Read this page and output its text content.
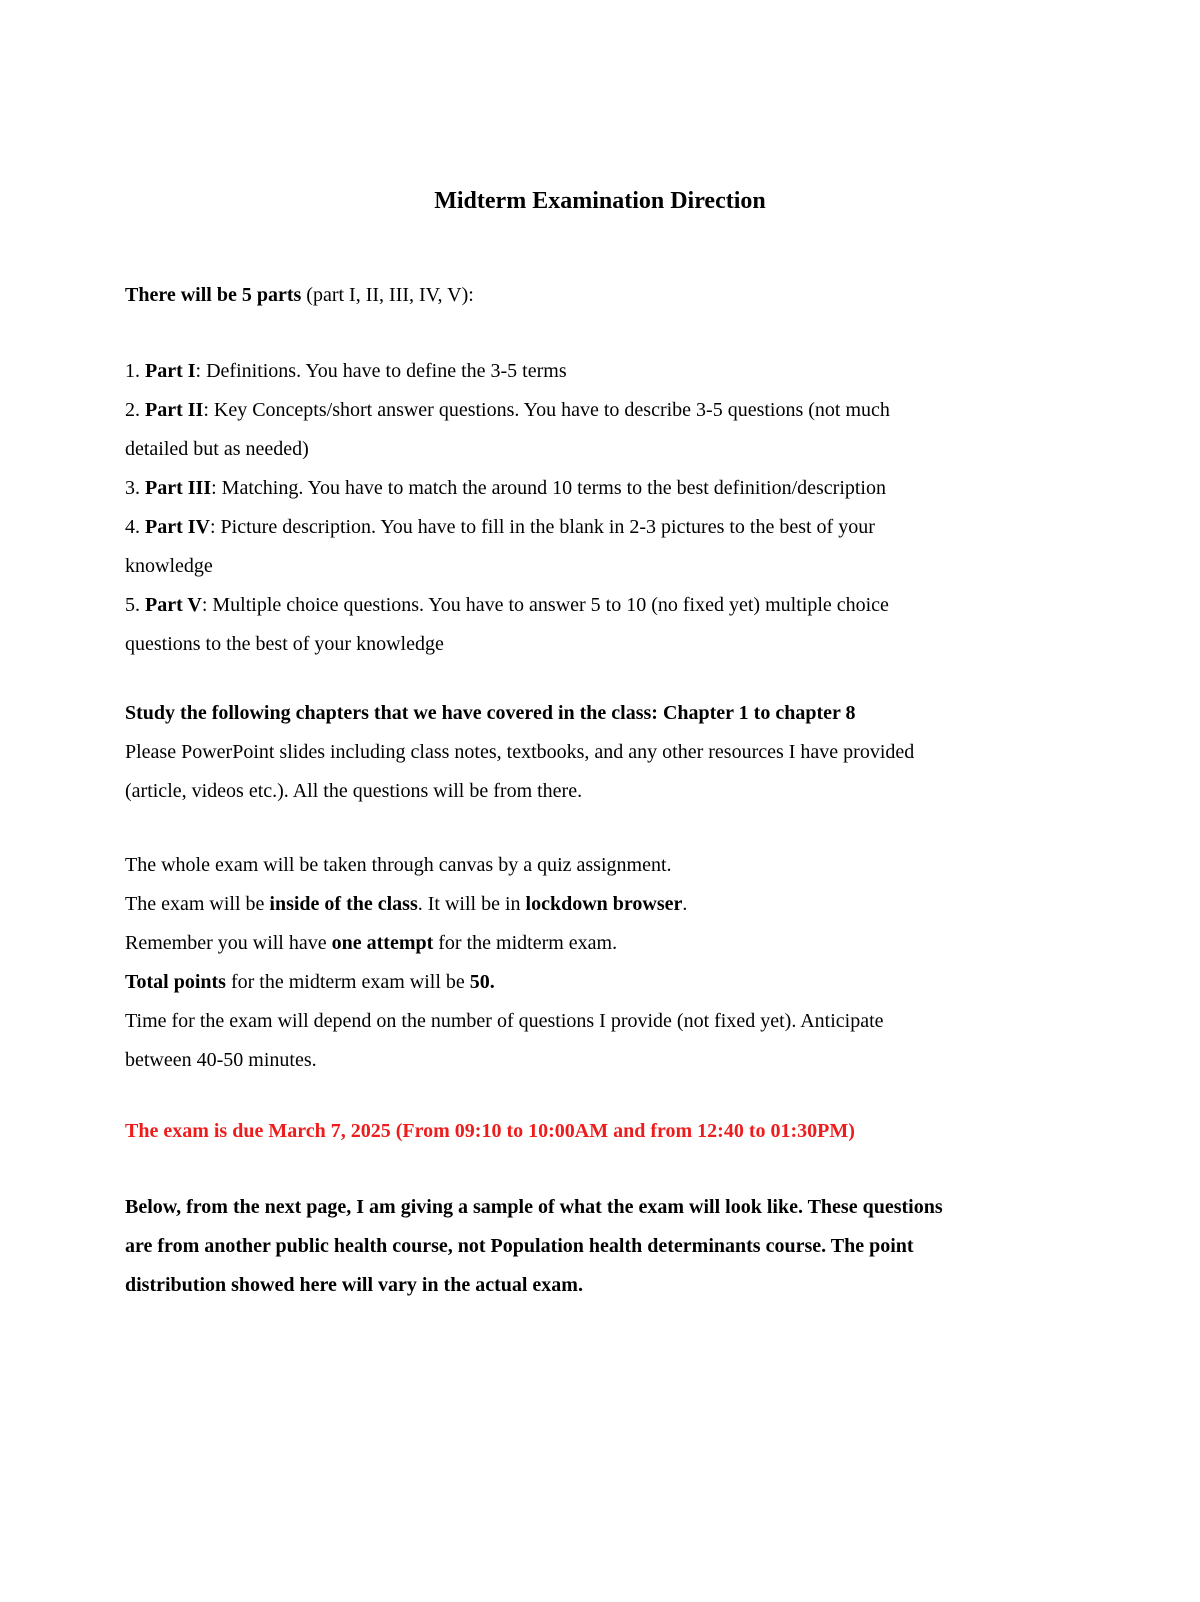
Midterm Examination Direction
There will be 5 parts (part I, II, III, IV, V):
1. Part I: Definitions. You have to define the 3-5 terms
2. Part II: Key Concepts/short answer questions. You have to describe 3-5 questions (not much
detailed but as needed)
3. Part III: Matching. You have to match the around 10 terms to the best definition/description
4. Part IV: Picture description. You have to fill in the blank in 2-3 pictures to the best of your
knowledge
5. Part V: Multiple choice questions. You have to answer 5 to 10 (no fixed yet) multiple choice
questions to the best of your knowledge
Study the following chapters that we have covered in the class: Chapter 1 to chapter 8
Please PowerPoint slides including class notes, textbooks, and any other resources I have provided
(article, videos etc.). All the questions will be from there.
The whole exam will be taken through canvas by a quiz assignment.
The exam will be inside of the class. It will be in lockdown browser.
Remember you will have one attempt for the midterm exam.
Total points for the midterm exam will be 50.
Time for the exam will depend on the number of questions I provide (not fixed yet). Anticipate
between 40-50 minutes.
The exam is due March 7, 2025 (From 09:10 to 10:00AM and from 12:40 to 01:30PM)
Below, from the next page, I am giving a sample of what the exam will look like. These questions
are from another public health course, not Population health determinants course. The point
distribution showed here will vary in the actual exam.
